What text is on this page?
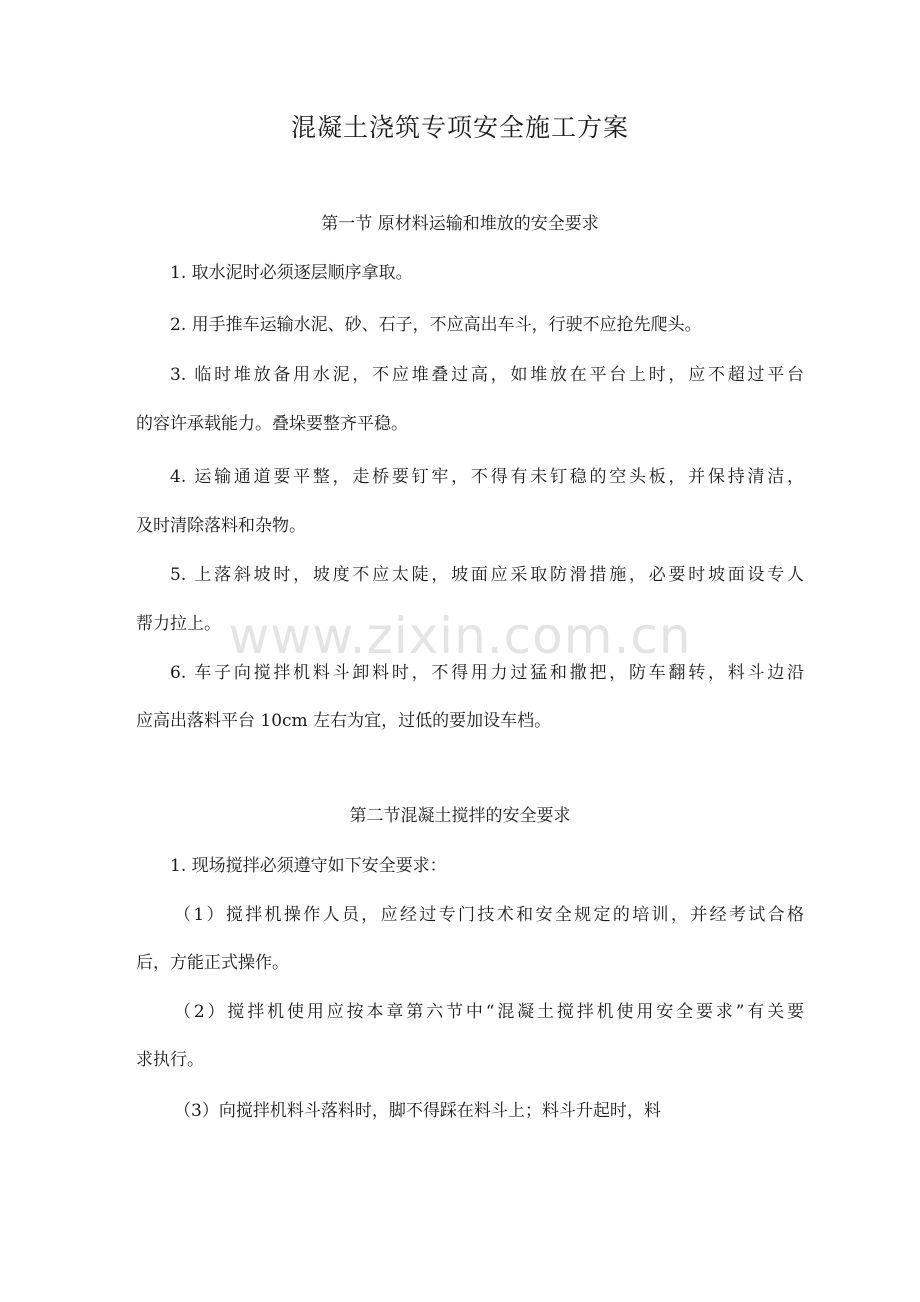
混凝土浇筑专项安全施工方案
第一节 原材料运输和堆放的安全要求
1. 取水泥时必须逐层顺序拿取。
2. 用手推车运输水泥、砂、石子，不应高出车斗，行驶不应抢先爬头。
3. 临时堆放备用水泥，不应堆叠过高，如堆放在平台上时，应不超过平台
的容许承载能力。叠垛要整齐平稳。
4. 运输通道要平整，走桥要钉牢，不得有未钉稳的空头板，并保持清洁，
及时清除落料和杂物。
5. 上落斜坡时，坡度不应太陡，坡面应采取防滑措施，必要时坡面设专人
帮力拉上。
6. 车子向搅拌机料斗卸料时，不得用力过猛和撒把，防车翻转，料斗边沿
应高出落料平台 10cm 左右为宜，过低的要加设车档。
第二节混凝土搅拌的安全要求
1. 现场搅拌必须遵守如下安全要求：
（1）搅拌机操作人员，应经过专门技术和安全规定的培训，并经考试合格
后，方能正式操作。
（2）搅拌机使用应按本章第六节中“混凝土搅拌机使用安全要求”有关要
求执行。
（3）向搅拌机料斗落料时，脚不得踩在料斗上；料斗升起时，料
www.zixin.com.cn
